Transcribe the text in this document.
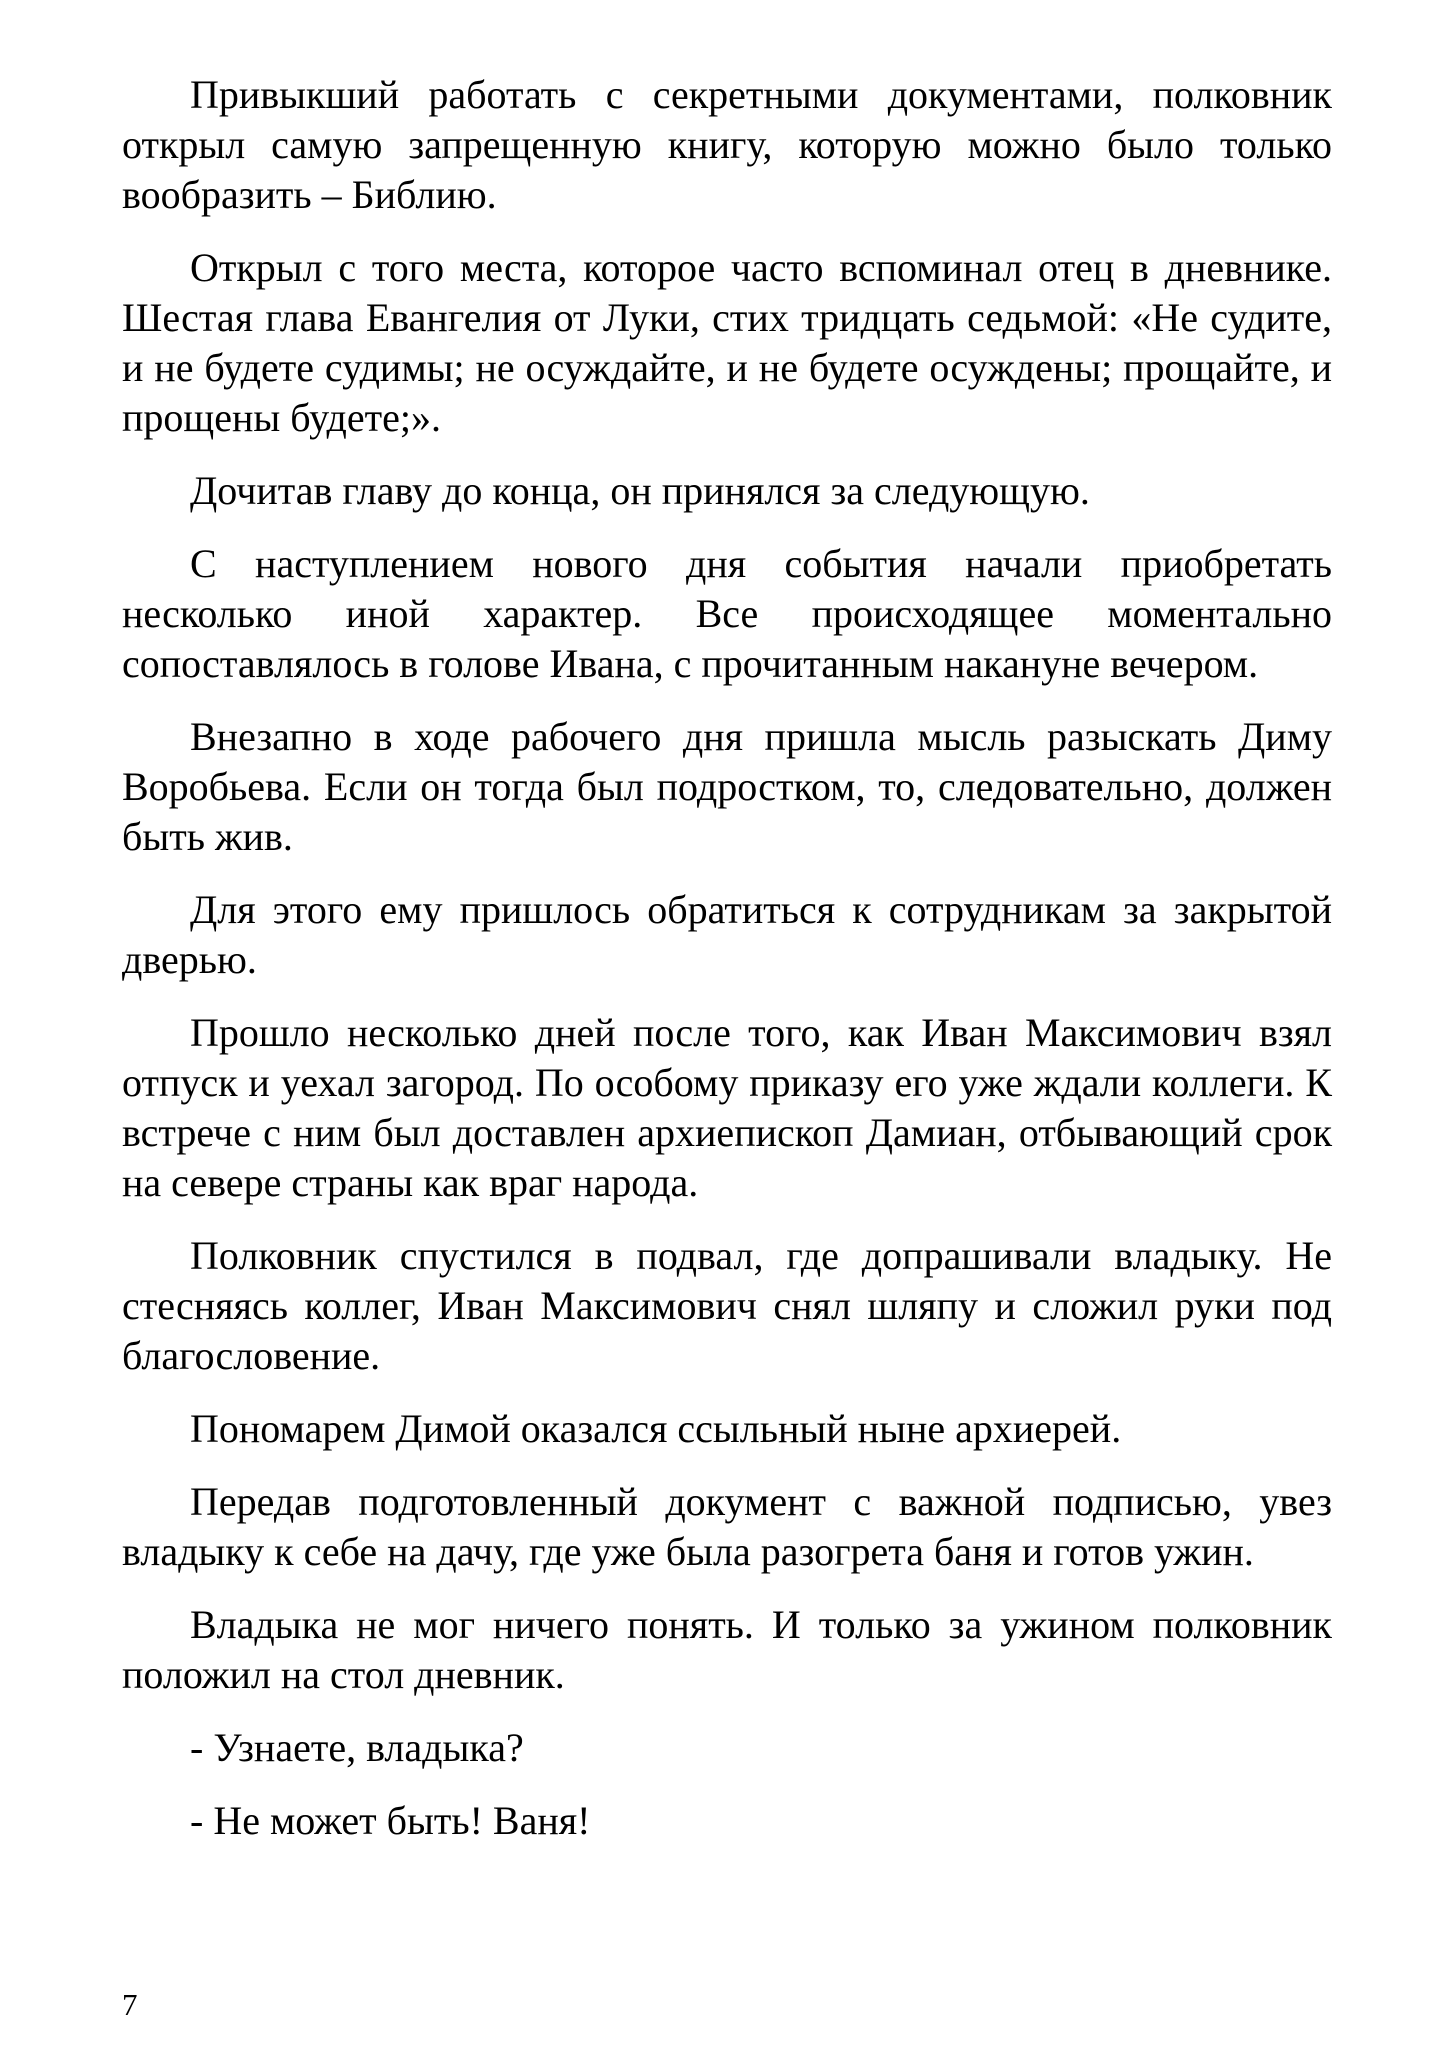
Привыкший работать с секретными документами, полковник открыл самую запрещенную книгу, которую можно было только вообразить – Библию.

Открыл с того места, которое часто вспоминал отец в дневнике. Шестая глава Евангелия от Луки, стих тридцать седьмой: «Не судите, и не будете судимы; не осуждайте, и не будете осуждены; прощайте, и прощены будете;».

Дочитав главу до конца, он принялся за следующую.

С наступлением нового дня события начали приобретать несколько иной характер. Все происходящее моментально сопоставлялось в голове Ивана, с прочитанным накануне вечером.

Внезапно в ходе рабочего дня пришла мысль разыскать Диму Воробьева. Если он тогда был подростком, то, следовательно, должен быть жив.

Для этого ему пришлось обратиться к сотрудникам за закрытой дверью.

Прошло несколько дней после того, как Иван Максимович взял отпуск и уехал загород. По особому приказу его уже ждали коллеги. К встрече с ним был доставлен архиепископ Дамиан, отбывающий срок на севере страны как враг народа.

Полковник спустился в подвал, где допрашивали владыку. Не стесняясь коллег, Иван Максимович снял шляпу и сложил руки под благословение.

Пономарем Димой оказался ссыльный ныне архиерей.

Передав подготовленный документ с важной подписью, увез владыку к себе на дачу, где уже была разогрета баня и готов ужин.

Владыка не мог ничего понять. И только за ужином полковник положил на стол дневник.

- Узнаете, владыка?

- Не может быть! Ваня!

7
